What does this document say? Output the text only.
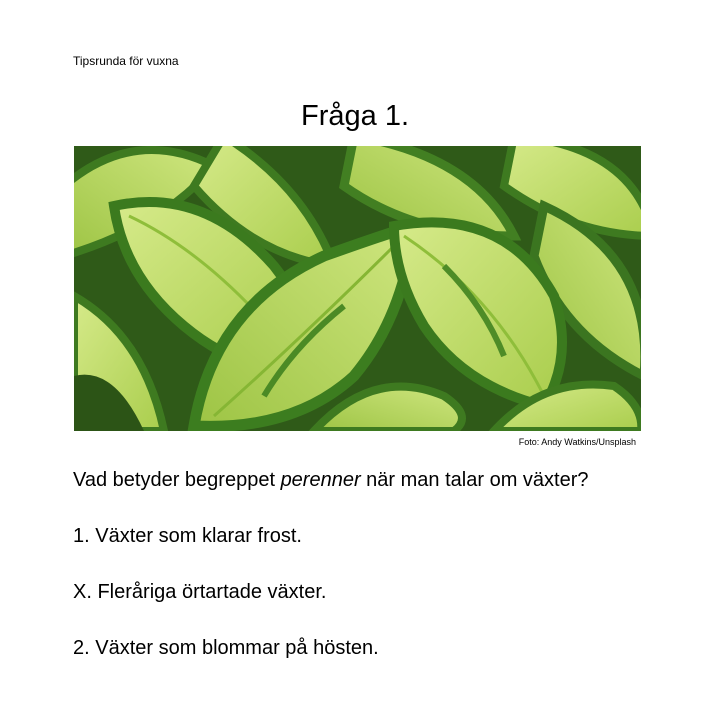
Tipsrunda för vuxna
Fråga 1.
Foto: Andy Watkins/Unsplash
Vad betyder begreppet perenner när man talar om växter?
1. Växter som klarar frost.
X. Fleråriga örtartade växter.
2. Växter som blommar på hösten.
